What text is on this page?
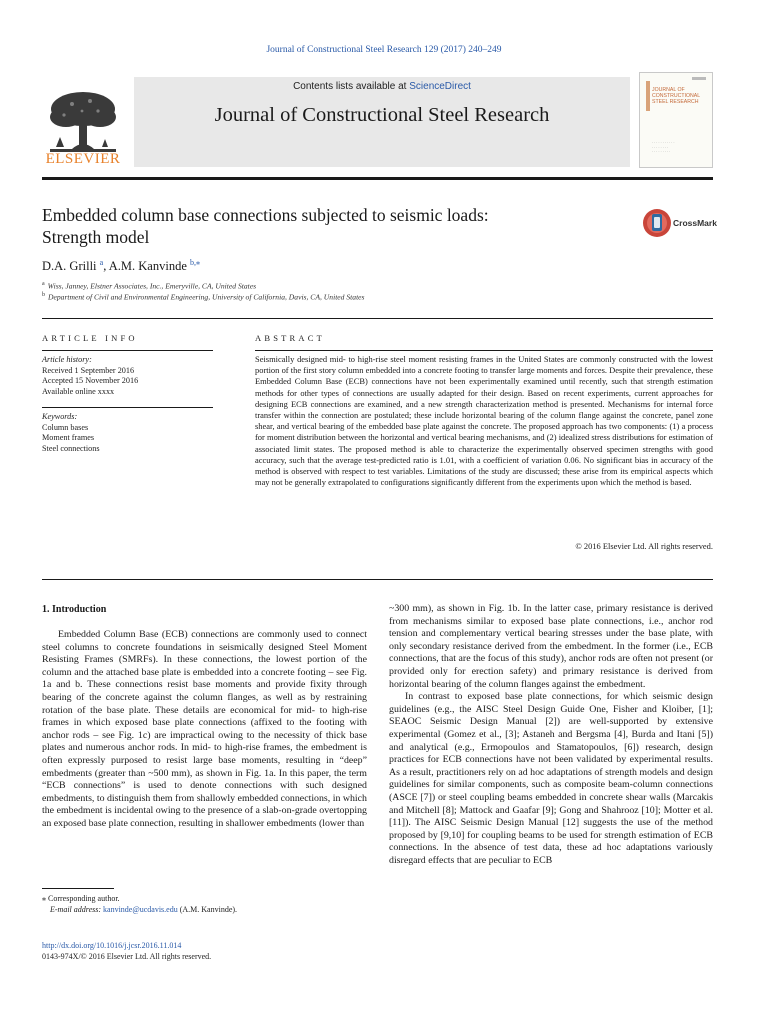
Journal of Constructional Steel Research 129 (2017) 240–249
ELSEVIER
Contents lists available at ScienceDirect
Journal of Constructional Steel Research
JOURNAL OF CONSTRUCTIONAL STEEL RESEARCH
· · · · · · · · · · ·
· · · · · · · ·
· · · · · · · · ·
Embedded column base connections subjected to seismic loads:
Strength model
CrossMark
D.A. Grilli $^a$, A.M. Kanvinde $^{b,⁎}$
$^a$ Wiss, Janney, Elstner Associates, Inc., Emeryville, CA, United States
$^b$ Department of Civil and Environmental Engineering, University of California, Davis, CA, United States
ARTICLE INFO	ABSTRACT
Article history:
Received 1 September 2016
Accepted 15 November 2016
Available online xxxx
Keywords:
Column bases
Moment frames
Steel connections
Seismically designed mid- to high-rise steel moment resisting frames in the United States are commonly constructed with the lowest portion of the first story column embedded into a concrete footing to transfer large moments and forces. Despite their prevalence, these Embedded Column Base (ECB) connections have not been experimentally examined until recently, such that strength estimation methods for other types of connections are usually adapted for their design. Based on recent experiments, current approaches for designing ECB connections are examined, and a new strength characterization method is presented. Mechanisms for internal force transfer within the connection are postulated; these include horizontal bearing of the column flange against the concrete, panel zone shear, and vertical bearing of the embedded base plate against the concrete. The proposed approach has two components: (1) a process for moment distribution between the horizontal and vertical bearing mechanisms, and (2) idealized stress distributions for estimation of associated limit states. The proposed method is able to characterize the experimentally observed specimen strengths with good accuracy, such that the average test-predicted ratio is 1.01, with a coefficient of variation 0.06. No significant bias in accuracy of the method is observed with respect to test variables. Limitations of the study are discussed; these arise from its empirical aspects which may not be generally extrapolated to configurations significantly different from the experiments upon which the method is based.
© 2016 Elsevier Ltd. All rights reserved.
1. Introduction
Embedded Column Base (ECB) connections are commonly used to connect steel columns to concrete foundations in seismically designed Steel Moment Resisting Frames (SMRFs). In these connections, the lowest portion of the column and the attached base plate is embedded into a concrete footing – see Fig. 1a and b. These connections resist base moments and provide fixity through bearing of the concrete against the column flanges, as well as by restraining rotation of the base plate. These details are economical for mid- to high-rise frames in which exposed base plate connections (affixed to the footing with anchor rods – see Fig. 1c) are impractical owing to the necessity of thick base plates and numerous anchor rods. In mid- to high-rise frames, the embedment is often expressly purposed to resist large base moments, resulting in “deep” embedments (greater than ~500 mm), as shown in Fig. 1a. In this paper, the term “ECB connections” is used to denote connections with such designed embedments, to distinguish them from shallowly embedded connections, in which the embedment is incidental owing to the presence of a slab-on-grade overtopping an exposed base plate connection, resulting in shallower embedments (lower than

~300 mm), as shown in Fig. 1b. In the latter case, primary resistance is derived from mechanisms similar to exposed base plate connections, i.e., anchor rod tension and complementary vertical bearing stresses under the base plate, with only secondary resistance derived from the embedment. In the former (i.e., ECB connections, that are the focus of this study), anchor rods are often not present (or provided only for erection safety) and primary resistance is derived from horizontal bearing of the column flanges against the embedment.

In contrast to exposed base plate connections, for which seismic design guidelines (e.g., the AISC Steel Design Guide One, Fisher and Kloiber, [1]; SEAOC Seismic Design Manual [2]) are well-supported by extensive experimental (Gomez et al., [3]; Astaneh and Bergsma [4], Burda and Itani [5]) and analytical (e.g., Ermopoulos and Stamatopoulos, [6]) research, design practices for ECB connections have not been validated by experimental results. As a result, practitioners rely on ad hoc adaptations of strength models and design guidelines for similar components, such as composite beam-column connections (ASCE [7]) or steel coupling beams embedded in concrete shear walls (Marcakis and Mitchell [8]; Mattock and Gaafar [9]; Gong and Shahrooz [10]; Motter et al. [11]). The AISC Seismic Design Manual [12] suggests the use of the method proposed by [9,10] for coupling beams to be used for strength estimation of ECB connections. In the absence of test data, these ad hoc adaptations variously disregard effects that are peculiar to ECB

⁎ Corresponding author.
E-mail address: kanvinde@ucdavis.edu (A.M. Kanvinde).
http://dx.doi.org/10.1016/j.jcsr.2016.11.014
0143-974X/© 2016 Elsevier Ltd. All rights reserved.
